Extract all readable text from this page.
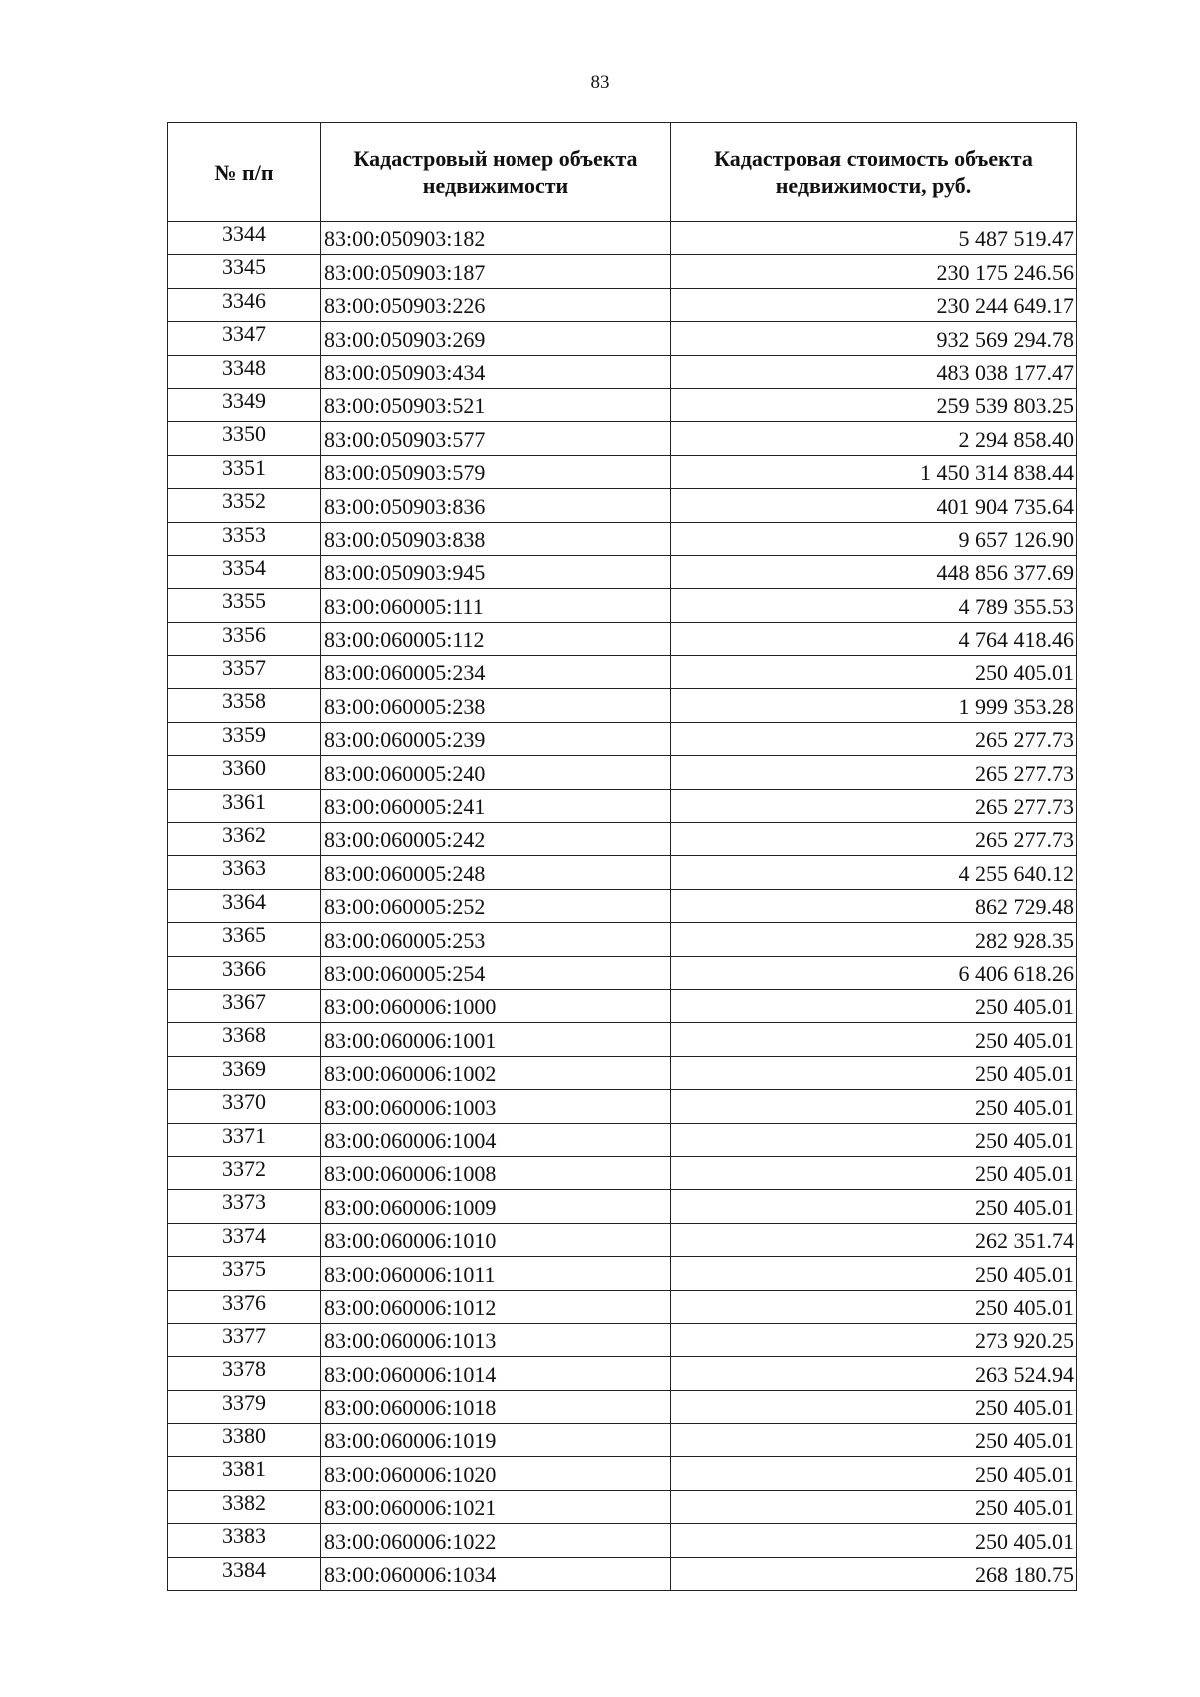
83
№ п/п	Кадастровый номер объекта недвижимости	Кадастровая стоимость объекта недвижимости, руб.
3344	83:00:050903:182	5 487 519.47
3345	83:00:050903:187	230 175 246.56
3346	83:00:050903:226	230 244 649.17
3347	83:00:050903:269	932 569 294.78
3348	83:00:050903:434	483 038 177.47
3349	83:00:050903:521	259 539 803.25
3350	83:00:050903:577	2 294 858.40
3351	83:00:050903:579	1 450 314 838.44
3352	83:00:050903:836	401 904 735.64
3353	83:00:050903:838	9 657 126.90
3354	83:00:050903:945	448 856 377.69
3355	83:00:060005:111	4 789 355.53
3356	83:00:060005:112	4 764 418.46
3357	83:00:060005:234	250 405.01
3358	83:00:060005:238	1 999 353.28
3359	83:00:060005:239	265 277.73
3360	83:00:060005:240	265 277.73
3361	83:00:060005:241	265 277.73
3362	83:00:060005:242	265 277.73
3363	83:00:060005:248	4 255 640.12
3364	83:00:060005:252	862 729.48
3365	83:00:060005:253	282 928.35
3366	83:00:060005:254	6 406 618.26
3367	83:00:060006:1000	250 405.01
3368	83:00:060006:1001	250 405.01
3369	83:00:060006:1002	250 405.01
3370	83:00:060006:1003	250 405.01
3371	83:00:060006:1004	250 405.01
3372	83:00:060006:1008	250 405.01
3373	83:00:060006:1009	250 405.01
3374	83:00:060006:1010	262 351.74
3375	83:00:060006:1011	250 405.01
3376	83:00:060006:1012	250 405.01
3377	83:00:060006:1013	273 920.25
3378	83:00:060006:1014	263 524.94
3379	83:00:060006:1018	250 405.01
3380	83:00:060006:1019	250 405.01
3381	83:00:060006:1020	250 405.01
3382	83:00:060006:1021	250 405.01
3383	83:00:060006:1022	250 405.01
3384	83:00:060006:1034	268 180.75
